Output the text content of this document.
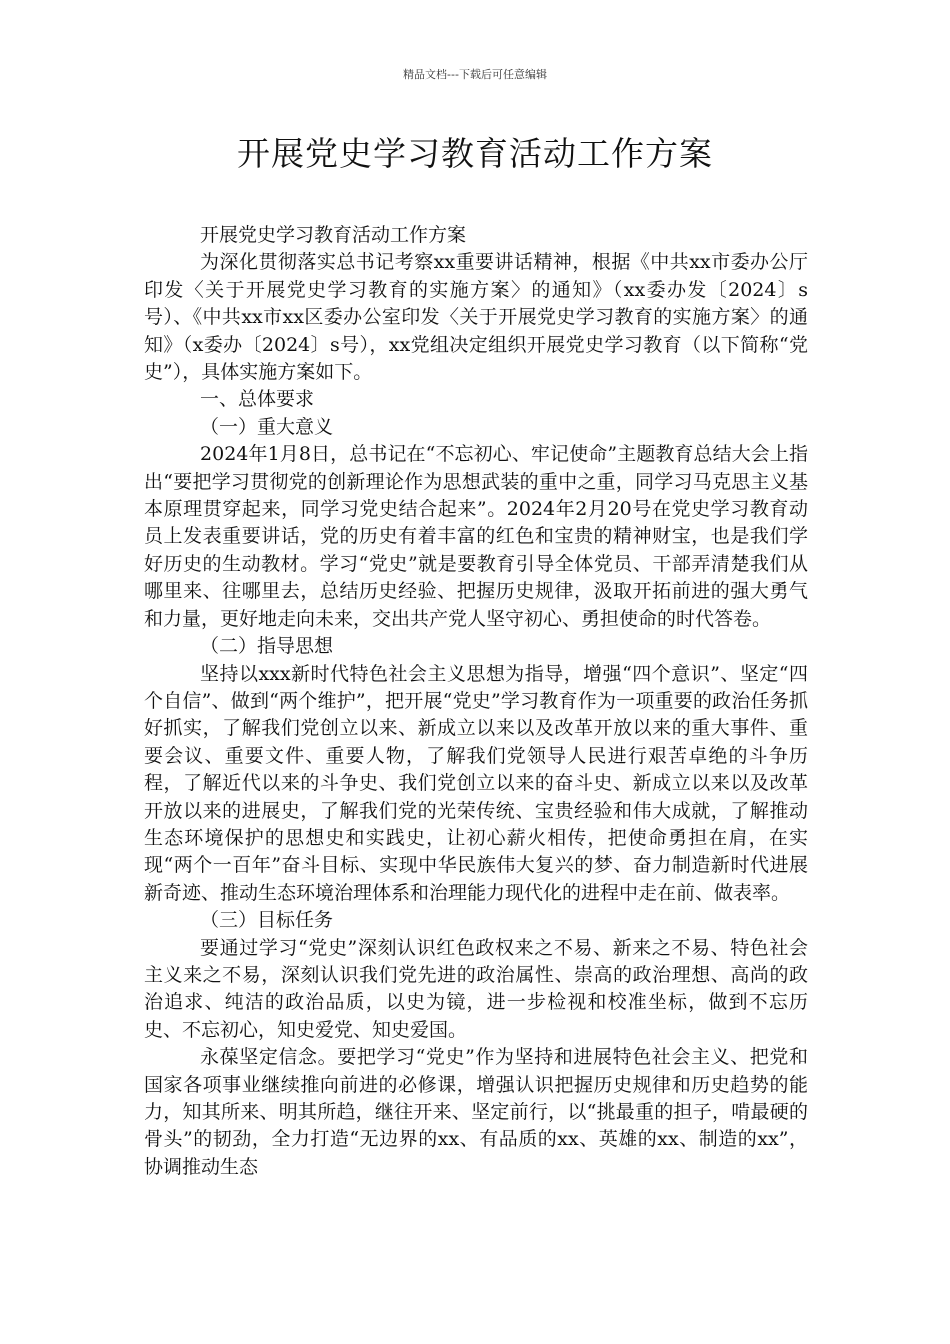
精品文档---下载后可任意编辑
开展党史学习教育活动工作方案

开展党史学习教育活动工作方案

为深化贯彻落实总书记考察xx重要讲话精神，根据《中共xx市委办公厅印发〈关于开展党史学习教育的实施方案〉的通知》（xx委办发〔2024〕s号）、《中共xx市xx区委办公室印发〈关于开展党史学习教育的实施方案〉的通知》（x委办〔2024〕s号），xx党组决定组织开展党史学习教育（以下简称“党史”），具体实施方案如下。

一、总体要求

（一）重大意义

2024年1月8日，总书记在“不忘初心、牢记使命”主题教育总结大会上指出“要把学习贯彻党的创新理论作为思想武装的重中之重，同学习马克思主义基本原理贯穿起来，同学习党史结合起来”。2024年2月20号在党史学习教育动员上发表重要讲话，党的历史有着丰富的红色和宝贵的精神财宝，也是我们学好历史的生动教材。学习“党史”就是要教育引导全体党员、干部弄清楚我们从哪里来、往哪里去，总结历史经验、把握历史规律，汲取开拓前进的强大勇气和力量，更好地走向未来，交出共产党人坚守初心、勇担使命的时代答卷。

（二）指导思想

坚持以xxx新时代特色社会主义思想为指导，增强“四个意识”、坚定“四个自信”、做到“两个维护”，把开展“党史”学习教育作为一项重要的政治任务抓好抓实，了解我们党创立以来、新成立以来以及改革开放以来的重大事件、重要会议、重要文件、重要人物，了解我们党领导人民进行艰苦卓绝的斗争历程，了解近代以来的斗争史、我们党创立以来的奋斗史、新成立以来以及改革开放以来的进展史，了解我们党的光荣传统、宝贵经验和伟大成就，了解推动生态环境保护的思想史和实践史，让初心薪火相传，把使命勇担在肩，在实现“两个一百年”奋斗目标、实现中华民族伟大复兴的梦、奋力制造新时代进展新奇迹、推动生态环境治理体系和治理能力现代化的进程中走在前、做表率。

（三）目标任务

要通过学习“党史”深刻认识红色政权来之不易、新来之不易、特色社会主义来之不易，深刻认识我们党先进的政治属性、崇高的政治理想、高尚的政治追求、纯洁的政治品质，以史为镜，进一步检视和校准坐标，做到不忘历史、不忘初心，知史爱党、知史爱国。

永葆坚定信念。要把学习“党史”作为坚持和进展特色社会主义、把党和国家各项事业继续推向前进的必修课，增强认识把握历史规律和历史趋势的能力，知其所来、明其所趋，继往开来、坚定前行，以“挑最重的担子，啃最硬的骨头”的韧劲，全力打造“无边界的xx、有品质的xx、英雄的xx、制造的xx”，协调推动生态
